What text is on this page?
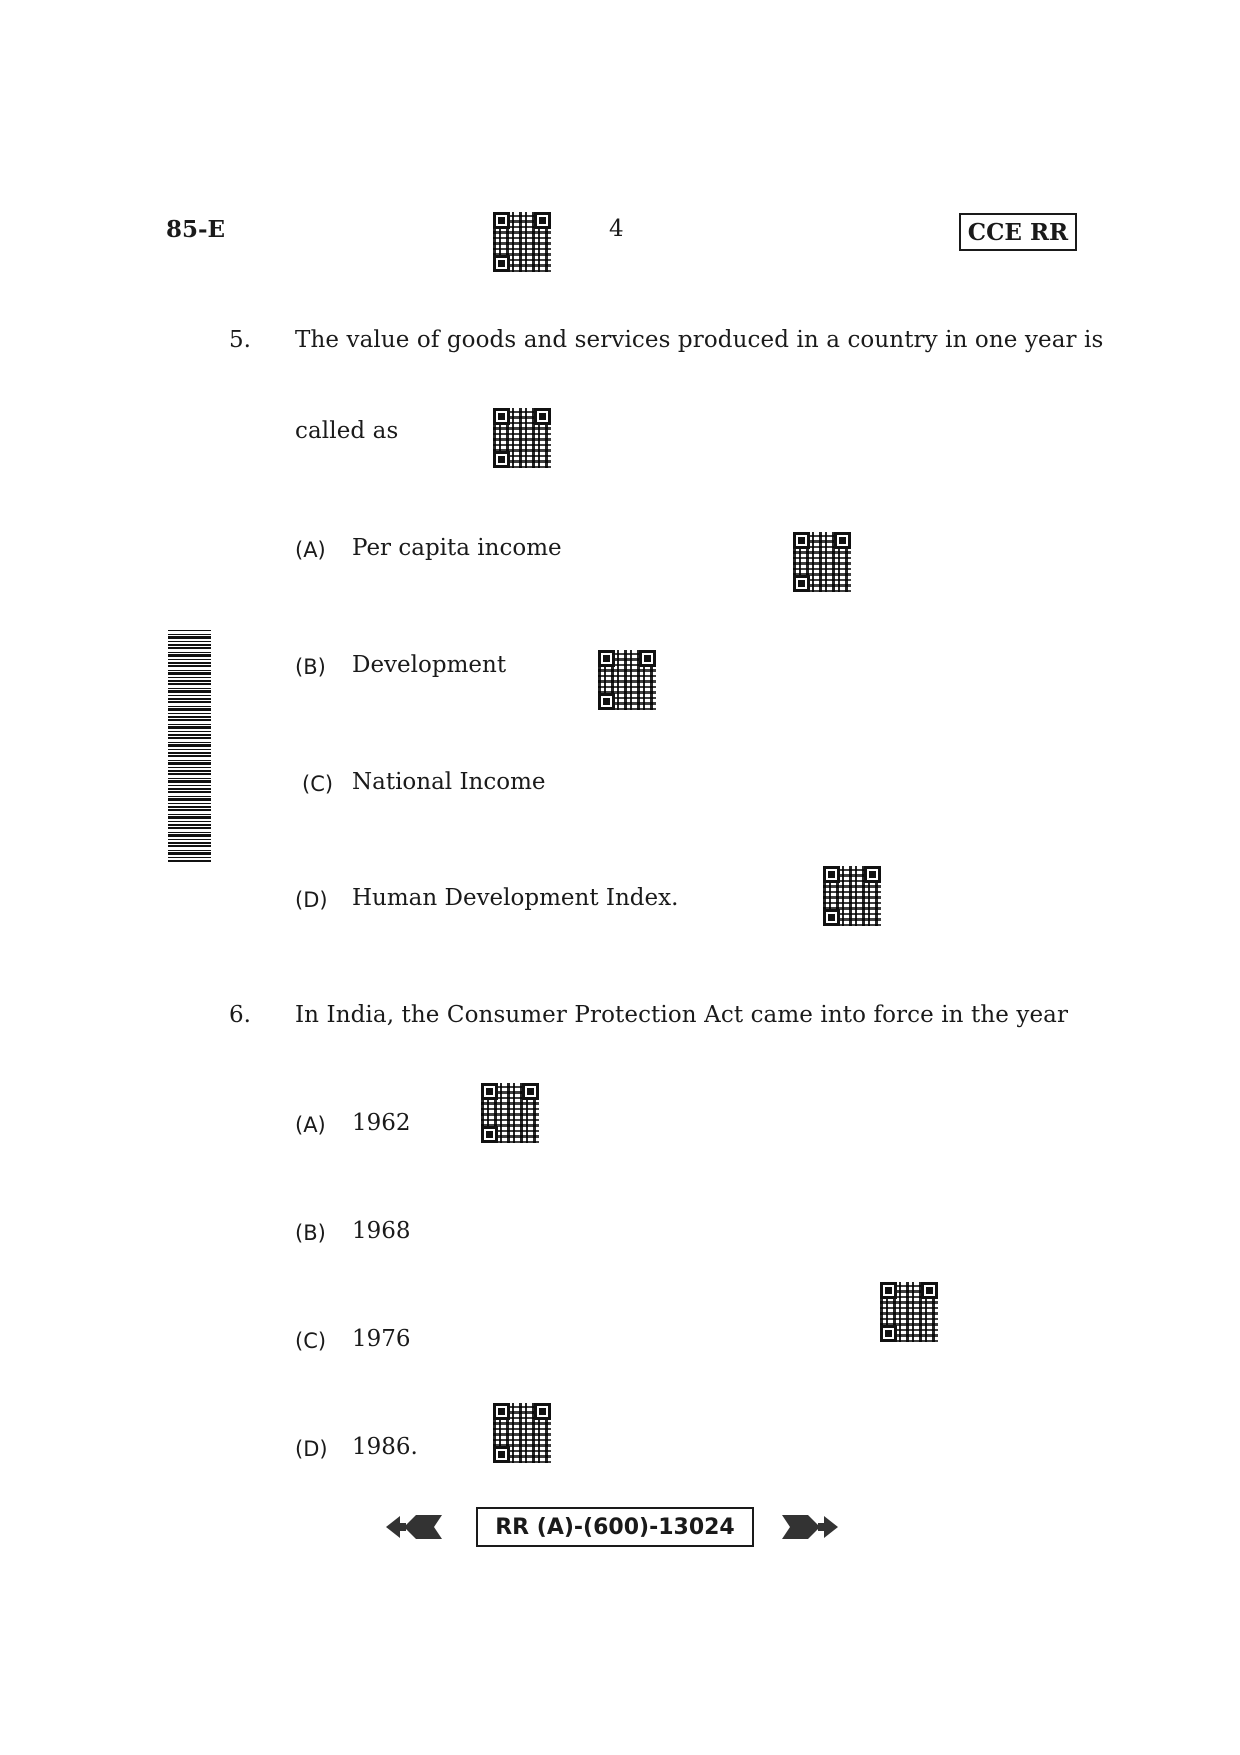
85-E	4	CCE RR
5. The value of goods and services produced in a country in one year is
called as
(A) Per capita income
(B) Development
(C) National Income
(D) Human Development Index.
6. In India, the Consumer Protection Act came into force in the year
(A) 1962
(B) 1968
(C) 1976
(D) 1986.
RR (A)-(600)-13024
